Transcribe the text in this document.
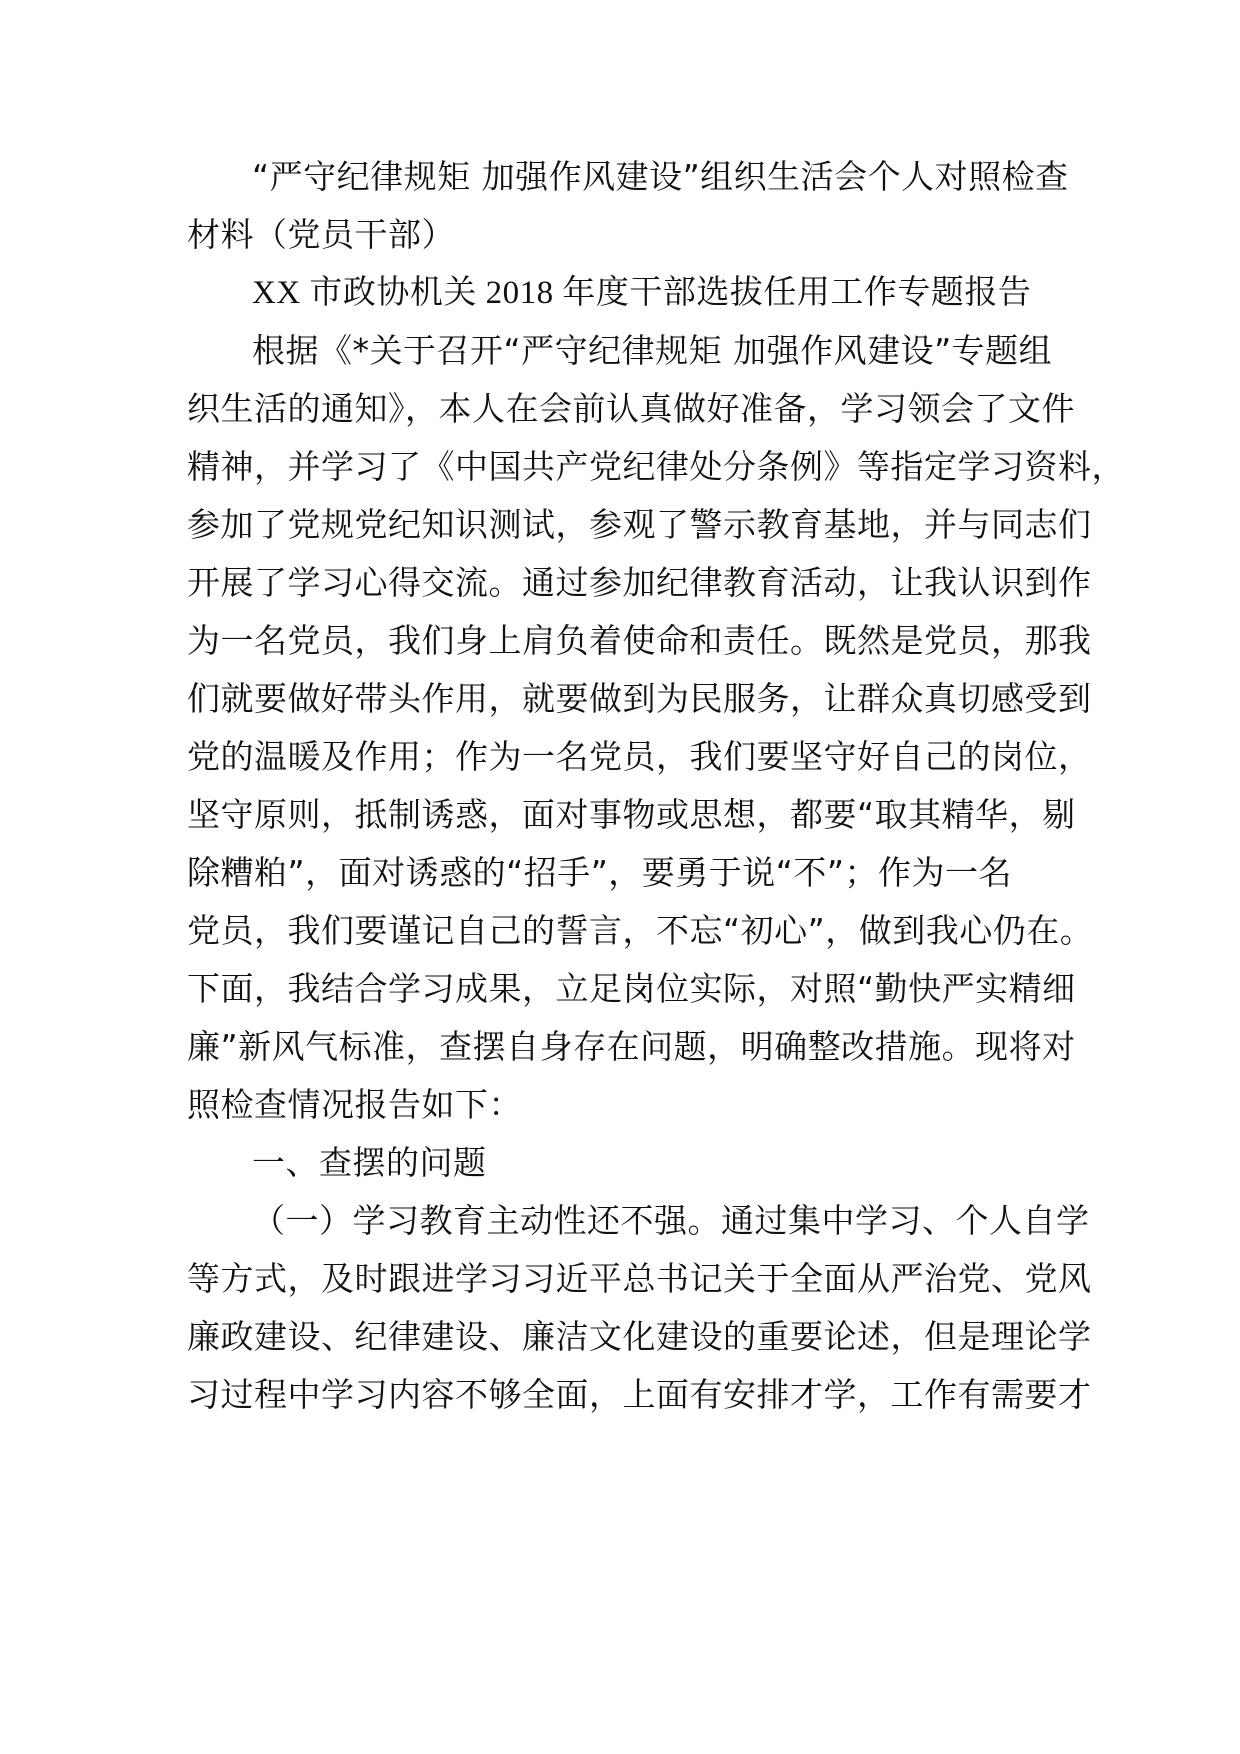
“严守纪律规矩 加强作风建设”组织生活会个人对照检查
材料（党员干部）
XX 市政协机关 2018 年度干部选拔任用工作专题报告
根据《*关于召开“严守纪律规矩 加强作风建设”专题组
织生活的通知》，本人在会前认真做好准备，学习领会了文件
精神，并学习了《中国共产党纪律处分条例》等指定学习资料，
参加了党规党纪知识测试，参观了警示教育基地，并与同志们
开展了学习心得交流。通过参加纪律教育活动，让我认识到作
为一名党员，我们身上肩负着使命和责任。既然是党员，那我
们就要做好带头作用，就要做到为民服务，让群众真切感受到
党的温暖及作用；作为一名党员，我们要坚守好自己的岗位，
坚守原则，抵制诱惑，面对事物或思想，都要“取其精华，剔
除糟粕”，面对诱惑的“招手”，要勇于说“不”；作为一名
党员，我们要谨记自己的誓言，不忘“初心”，做到我心仍在。
下面，我结合学习成果，立足岗位实际，对照“勤快严实精细
廉”新风气标准，查摆自身存在问题，明确整改措施。现将对
照检查情况报告如下：
一、查摆的问题
（一）学习教育主动性还不强。通过集中学习、个人自学
等方式，及时跟进学习习近平总书记关于全面从严治党、党风
廉政建设、纪律建设、廉洁文化建设的重要论述，但是理论学
习过程中学习内容不够全面，上面有安排才学，工作有需要才
